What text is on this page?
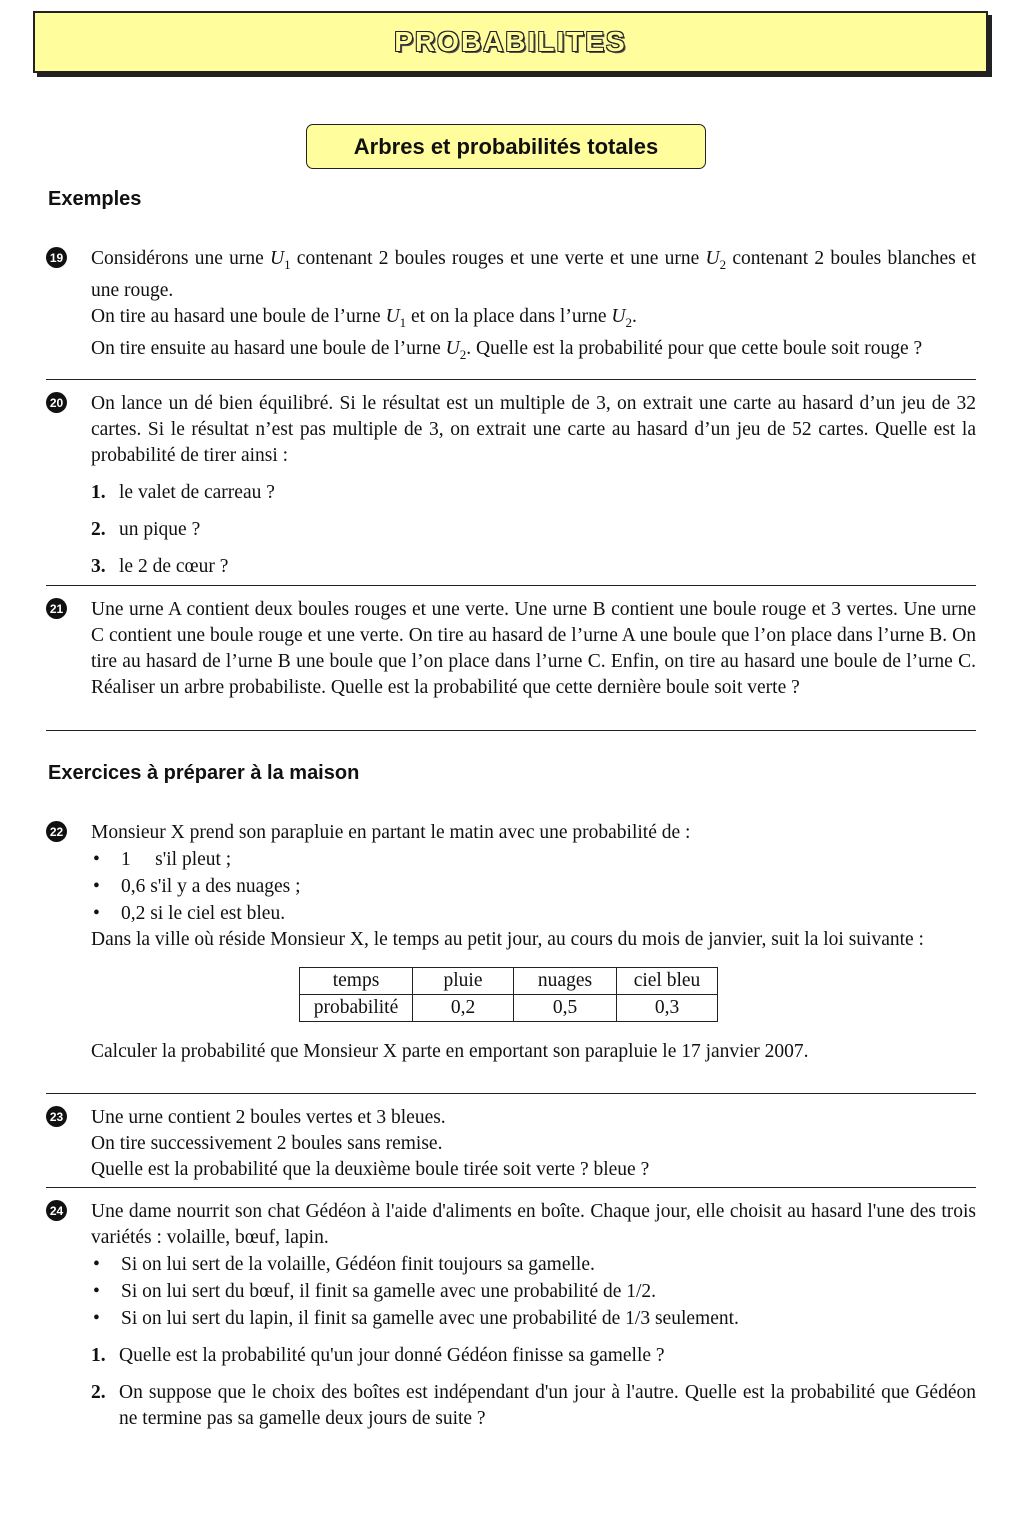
PROBABILITES
Arbres et probabilités totales
Exemples
19 Considérons une urne $U_1$ contenant 2 boules rouges et une verte et une urne $U_2$ contenant 2 boules blanches et une rouge.

On tire au hasard une boule de l’urne $U_1$ et on la place dans l’urne $U_2$.

On tire ensuite au hasard une boule de l’urne $U_2$. Quelle est la probabilité pour que cette boule soit rouge ?

20 On lance un dé bien équilibré. Si le résultat est un multiple de 3, on extrait une carte au hasard d’un jeu de 32 cartes. Si le résultat n’est pas multiple de 3, on extrait une carte au hasard d’un jeu de 52 cartes. Quelle est la probabilité de tirer ainsi :

1. le valet de carreau ?
2. un pique ?
3. le 2 de cœur ?
21 Une urne A contient deux boules rouges et une verte. Une urne B contient une boule rouge et 3 vertes. Une urne C contient une boule rouge et une verte. On tire au hasard de l’urne A une boule que l’on place dans l’urne B. On tire au hasard de l’urne B une boule que l’on place dans l’urne C. Enfin, on tire au hasard une boule de l’urne C. Réaliser un arbre probabiliste. Quelle est la probabilité que cette dernière boule soit verte ?

Exercices à préparer à la maison
22 Monsieur X prend son parapluie en partant le matin avec une probabilité de :

•	1     s'il pleut ;
•	0,6 s'il y a des nuages ;
•	0,2 si le ciel est bleu.

Dans la ville où réside Monsieur X, le temps au petit jour, au cours du mois de janvier, suit la loi suivante :

temps	pluie	nuages	ciel bleu
probabilité	0,2	0,5	0,3

Calculer la probabilité que Monsieur X parte en emportant son parapluie le 17 janvier 2007.

23 Une urne contient 2 boules vertes et 3 bleues.

On tire successivement 2 boules sans remise.

Quelle est la probabilité que la deuxième boule tirée soit verte ? bleue ?

24 Une dame nourrit son chat Gédéon à l'aide d'aliments en boîte. Chaque jour, elle choisit au hasard l'une des trois variétés : volaille, bœuf, lapin.

•	Si on lui sert de la volaille, Gédéon finit toujours sa gamelle.
•	Si on lui sert du bœuf, il finit sa gamelle avec une probabilité de 1/2.
•	Si on lui sert du lapin, il finit sa gamelle avec une probabilité de 1/3 seulement.
1. Quelle est la probabilité qu'un jour donné Gédéon finisse sa gamelle ?
2. On suppose que le choix des boîtes est indépendant d'un jour à l'autre. Quelle est la probabilité que Gédéon ne termine pas sa gamelle deux jours de suite ?
